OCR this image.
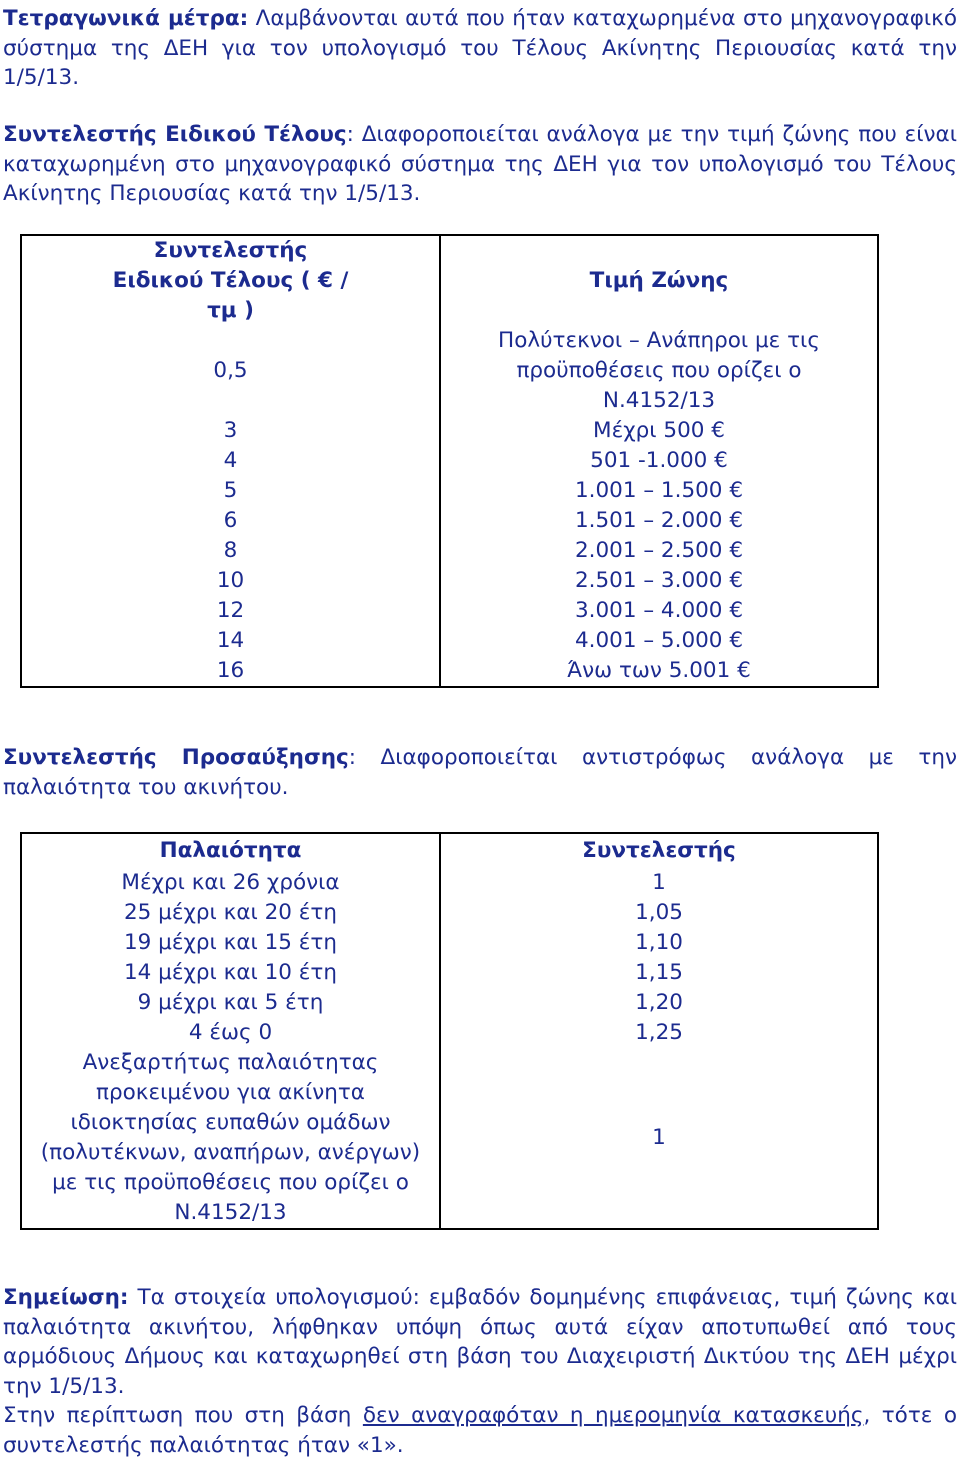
Τετραγωνικά μέτρα: Λαμβάνονται αυτά που ήταν καταχωρημένα στο μηχανογραφικό σύστημα της ΔΕΗ για τον υπολογισμό του Τέλους Ακίνητης Περιουσίας κατά την 1/5/13.
Συντελεστής Ειδικού Τέλους: Διαφοροποιείται ανάλογα με την τιμή ζώνης που είναι καταχωρημένη στο μηχανογραφικό σύστημα της ΔΕΗ για τον υπολογισμό του Τέλους Ακίνητης Περιουσίας κατά την 1/5/13.
Συντελεστής Ειδικού Τέλους ( € / τμ )	Τιμή Ζώνης
0,5	Πολύτεκνοι – Ανάπηροι με τις προϋποθέσεις που ορίζει ο Ν.4152/13
3	Μέχρι 500 €
4	501 -1.000 €
5	1.001 – 1.500 €
6	1.501 – 2.000 €
8	2.001 – 2.500 €
10	2.501 – 3.000 €
12	3.001 – 4.000 €
14	4.001 – 5.000 €
16	Άνω των 5.001 €
Συντελεστής Προσαύξησης: Διαφοροποιείται αντιστρόφως ανάλογα με την παλαιότητα του ακινήτου.
Παλαιότητα	Συντελεστής
Μέχρι και 26 χρόνια	1
25 μέχρι και 20 έτη	1,05
19 μέχρι και 15 έτη	1,10
14 μέχρι και 10 έτη	1,15
9 μέχρι και 5 έτη	1,20
4 έως 0	1,25
Ανεξαρτήτως παλαιότητας προκειμένου για ακίνητα ιδιοκτησίας ευπαθών ομάδων (πολυτέκνων, αναπήρων, ανέργων) με τις προϋποθέσεις που ορίζει ο Ν.4152/13	1
Σημείωση: Τα στοιχεία υπολογισμού: εμβαδόν δομημένης επιφάνειας, τιμή ζώνης και παλαιότητα ακινήτου, λήφθηκαν υπόψη όπως αυτά είχαν αποτυπωθεί από τους αρμόδιους Δήμους και καταχωρηθεί στη βάση του Διαχειριστή Δικτύου της ΔΕΗ μέχρι την 1/5/13.
Στην περίπτωση που στη βάση δεν αναγραφόταν η ημερομηνία κατασκευής, τότε ο συντελεστής παλαιότητας ήταν «1».
